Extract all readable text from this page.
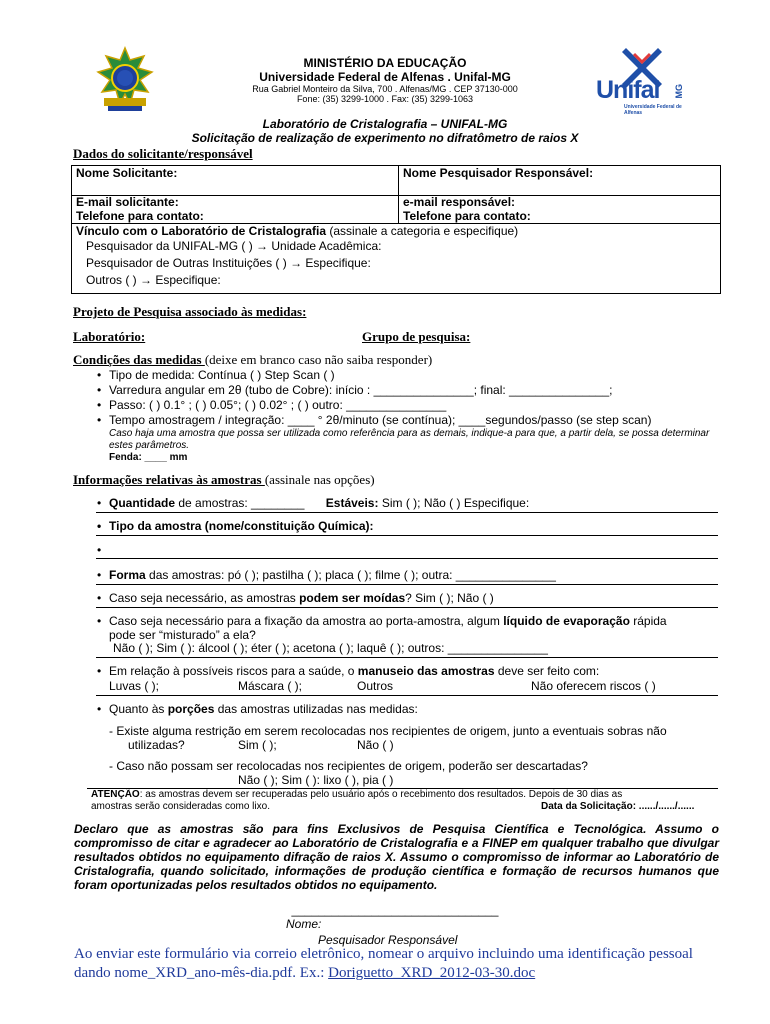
MINISTÉRIO DA EDUCAÇÃO
Universidade Federal de Alfenas . Unifal-MG
Rua Gabriel Monteiro da Silva, 700 . Alfenas/MG . CEP 37130-000
Fone: (35) 3299-1000 . Fax: (35) 3299-1063	Unifal MG
Universidade Federal de Alfenas
Laboratório de Cristalografia – UNIFAL-MG
Solicitação de realização de experimento no difratômetro de raios X
Dados do solicitante/responsável
Nome Solicitante:	Nome Pesquisador Responsável:
E-mail solicitante:	e-mail responsável:
Telefone para contato:	Telefone para contato:

Vínculo com o Laboratório de Cristalografia (assinale a categoria e especifique)
Pesquisador da UNIFAL-MG ( ) → Unidade Acadêmica:
Pesquisador de Outras Instituições ( ) → Especifique:
Outros ( ) → Especifique:	
Projeto de Pesquisa associado às medidas:
Laboratório:	Grupo de pesquisa:
Condições das medidas (deixe em branco caso não saiba responder)
• Tipo de medida: Contínua ( ) Step Scan ( )
• Varredura angular em 2θ (tubo de Cobre): início : _______________; final: _______________;
• Passo: ( ) 0.1° ; ( ) 0.05°; ( ) 0.02° ; ( ) outro: _______________
• Tempo amostragem / integração: ____ ° 2θ/minuto (se contínua); ____segundos/passo (se step scan)
Caso haja uma amostra que possa ser utilizada como referência para as demais, indique-a para que, a partir dela, se possa determinar estes parâmetros.
Fenda: ____ mm
Informações relativas às amostras (assinale nas opções)
• Quantidade de amostras: ________ Estáveis: Sim ( ); Não ( ) Especifique:
• Tipo da amostra (nome/constituição Química):
• Forma das amostras: pó ( ); pastilha ( ); placa ( ); filme ( ); outra: _______________
• Caso seja necessário, as amostras podem ser moídas? Sim ( ); Não ( )
• Caso seja necessário para a fixação da amostra ao porta-amostra, algum líquido de evaporação rápida
pode ser “misturado” a ela?
Não ( ); Sim ( ): álcool ( ); éter ( ); acetona ( ); laquê ( ); outros: _______________
• Em relação à possíveis riscos para a saúde, o manuseio das amostras deve ser feito com:
Luvas ( );	Máscara ( );	Outros	Não oferecem riscos ( )
• Quanto às porções das amostras utilizadas nas medidas:
- Existe alguma restrição em serem recolocadas nos recipientes de origem, junto a eventuais sobras não
utilizadas?	Sim ( );	Não ( )
- Caso não possam ser recolocadas nos recipientes de origem, poderão ser descartadas?
Não ( ); Sim ( ): lixo ( ), pia ( )
ATENÇÃO: as amostras devem ser recuperadas pelo usuário após o recebimento dos resultados. Depois de 30 dias as
amostras serão consideradas como lixo.	Data da Solicitação: ....../....../......
Declaro que as amostras são para fins Exclusivos de Pesquisa Científica e Tecnológica. Assumo o compromisso de citar e agradecer ao Laboratório de Cristalografia e a FINEP em qualquer trabalho que divulgar resultados obtidos no equipamento difração de raios X. Assumo o compromisso de informar ao Laboratório de Cristalografia, quando solicitado, informações de produção científica e formação de recursos humanos que foram oportunizadas pelos resultados obtidos no equipamento.
_______________________________
Nome:
Pesquisador Responsável
Ao enviar este formulário via correio eletrônico, nomear o arquivo incluindo uma identificação pessoal
dando nome_XRD_ano-mês-dia.pdf. Ex.: Doriguetto_XRD_2012-03-30.doc
